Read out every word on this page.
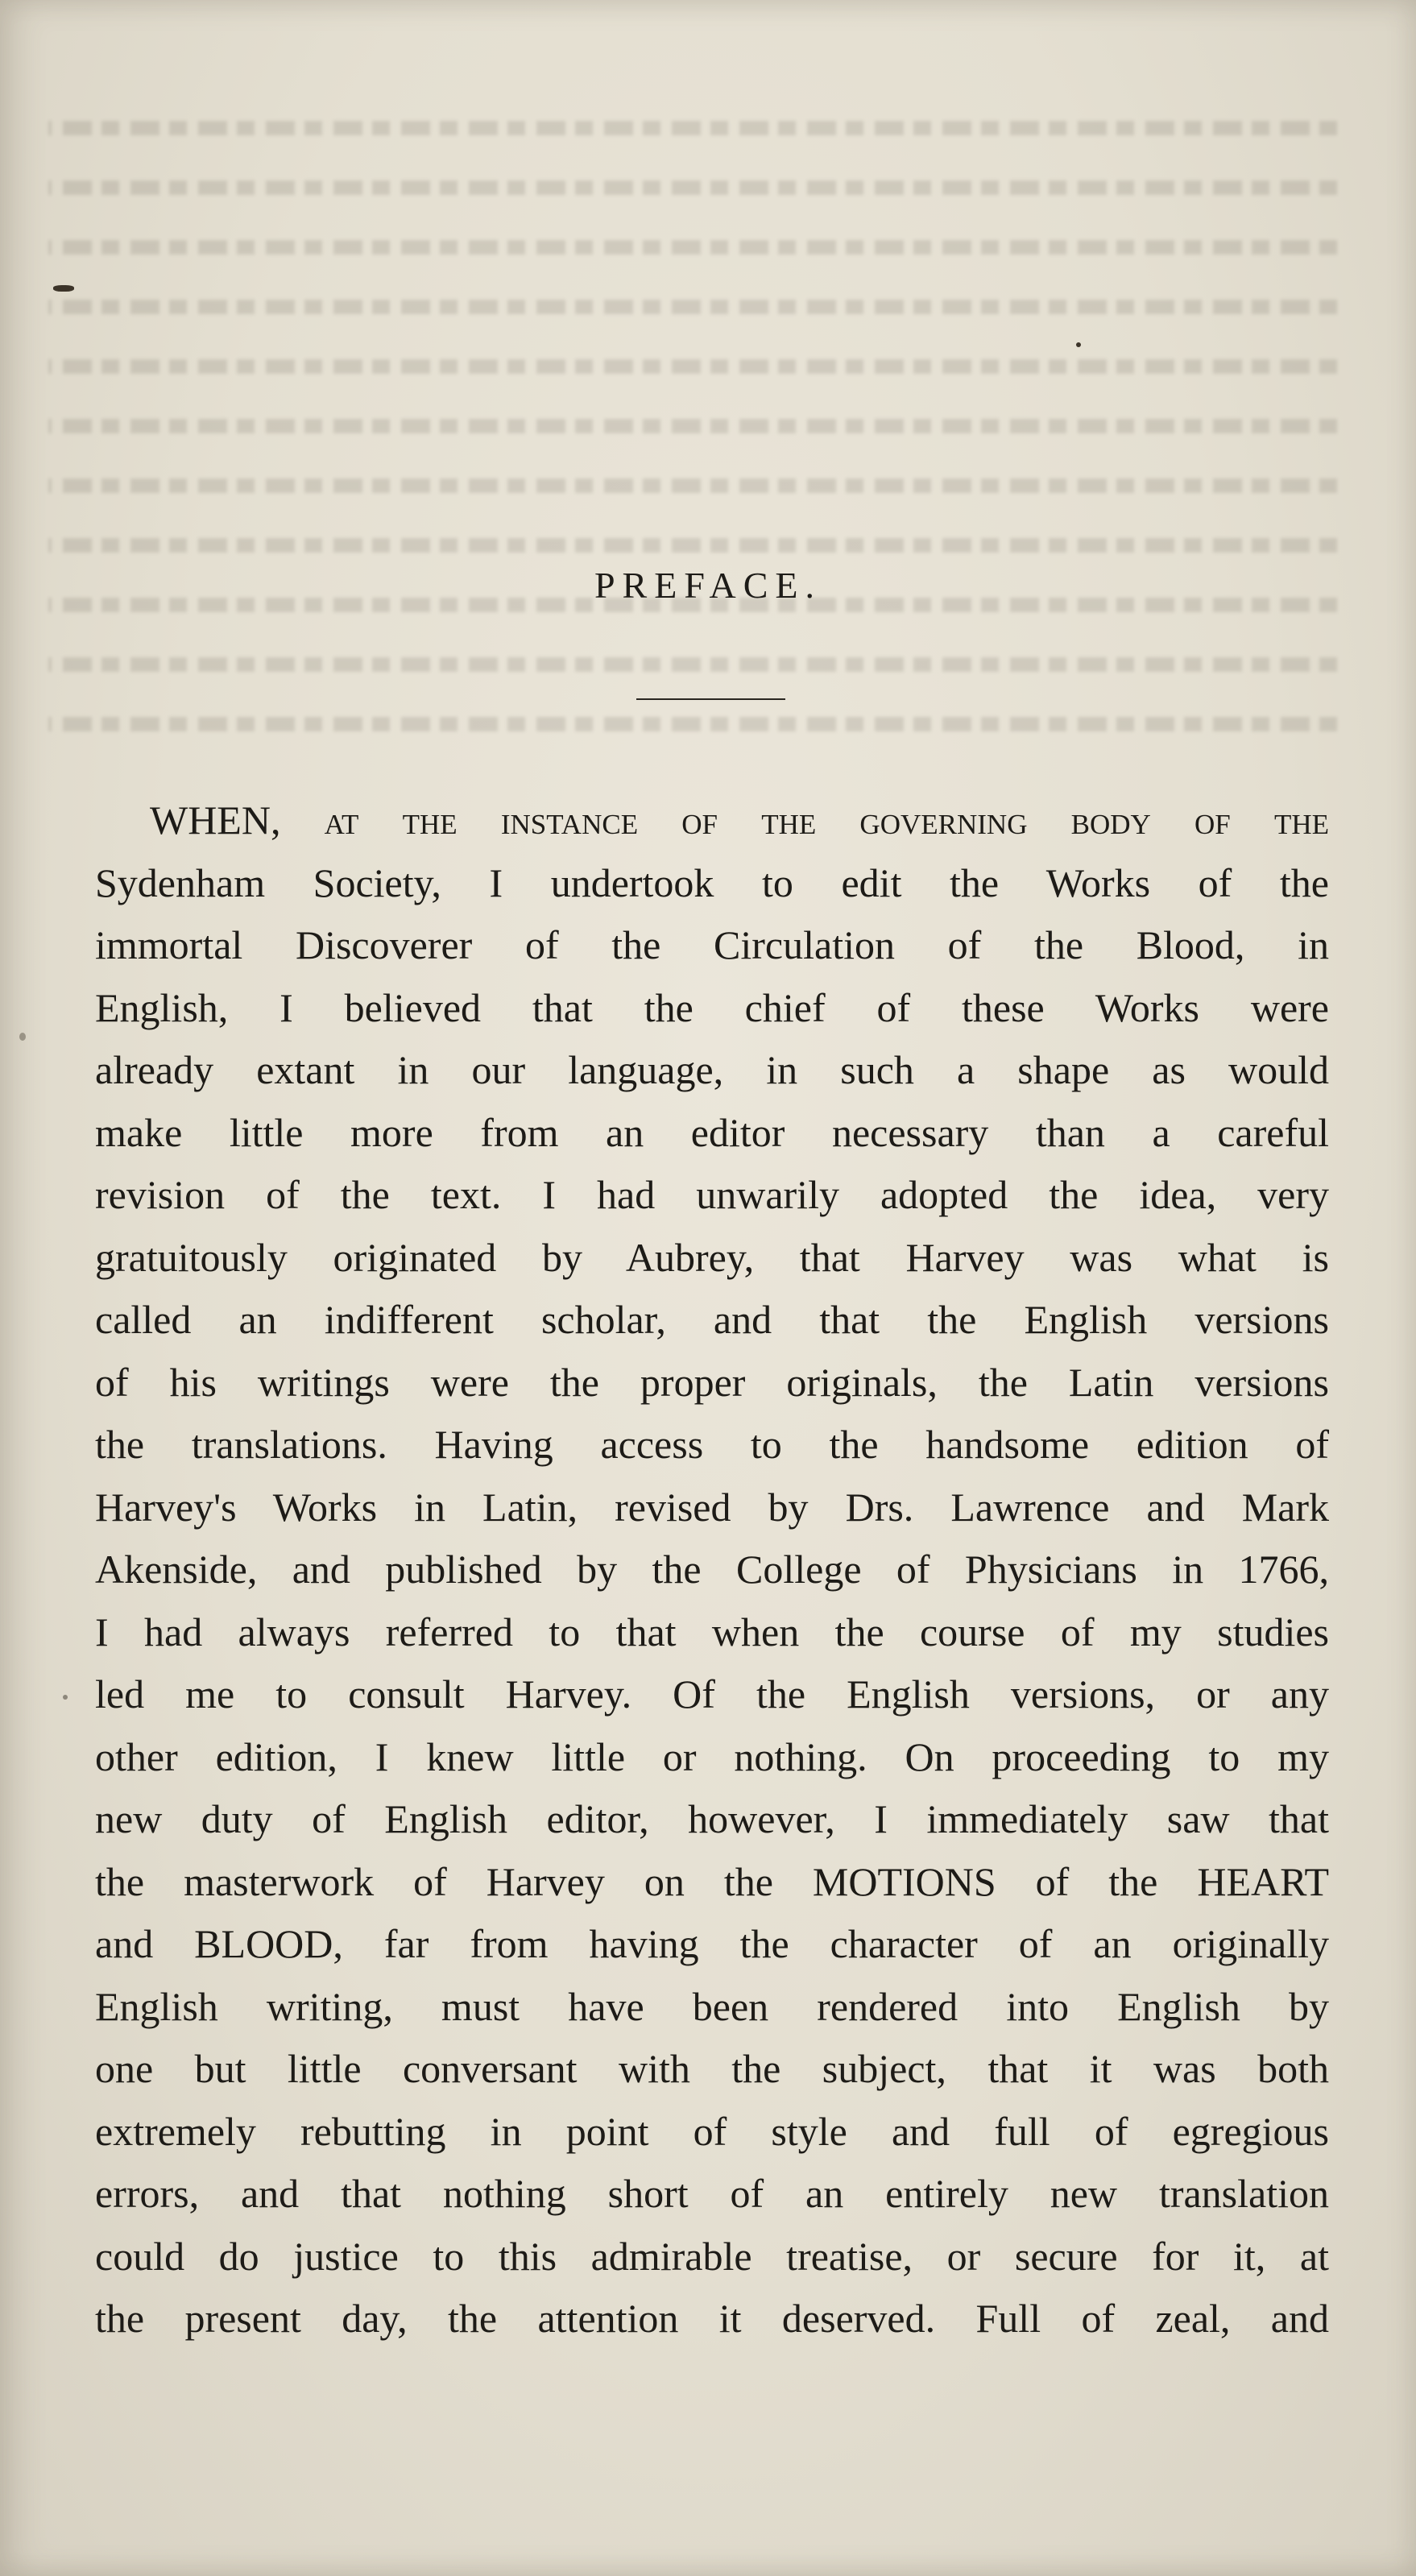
PREFACE.
WHEN, at the instance of the governing body of the
Sydenham Society, I undertook to edit the Works of the
immortal Discoverer of the Circulation of the Blood, in
English, I believed that the chief of these Works were
already extant in our language, in such a shape as would
make little more from an editor necessary than a careful
revision of the text. I had unwarily adopted the idea, very
gratuitously originated by Aubrey, that Harvey was what is
called an indifferent scholar, and that the English versions
of his writings were the proper originals, the Latin versions
the translations. Having access to the handsome edition of
Harvey's Works in Latin, revised by Drs. Lawrence and Mark
Akenside, and published by the College of Physicians in 1766,
I had always referred to that when the course of my studies
led me to consult Harvey. Of the English versions, or any
other edition, I knew little or nothing. On proceeding to my
new duty of English editor, however, I immediately saw that
the masterwork of Harvey on the MOTIONS of the HEART
and BLOOD, far from having the character of an originally
English writing, must have been rendered into English by
one but little conversant with the subject, that it was both
extremely rebutting in point of style and full of egregious
errors, and that nothing short of an entirely new translation
could do justice to this admirable treatise, or secure for it, at
the present day, the attention it deserved. Full of zeal, and
